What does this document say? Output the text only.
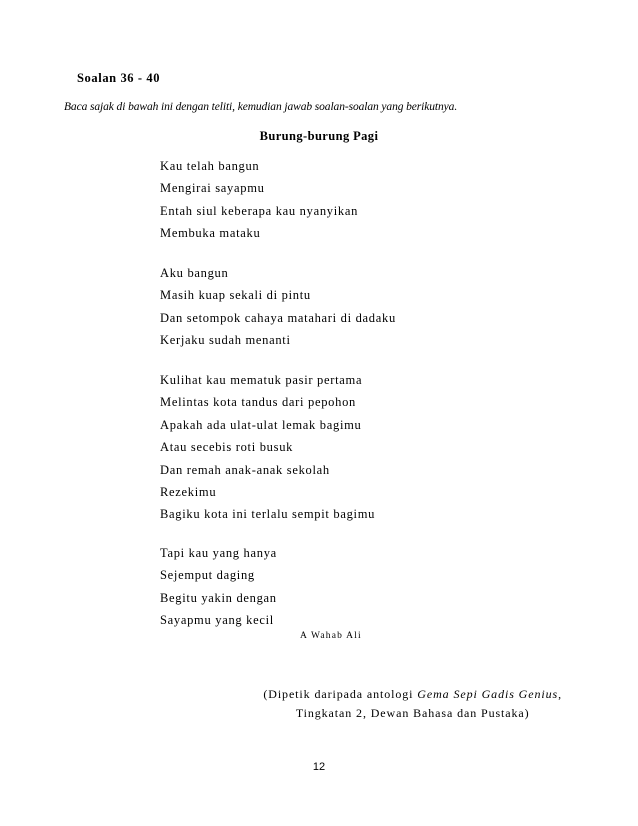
Soalan 36 - 40
Baca sajak di bawah ini dengan teliti, kemudian jawab soalan-soalan yang berikutnya.
Burung-burung Pagi
Kau telah bangun
Mengirai sayapmu
Entah siul keberapa kau nyanyikan
Membuka mataku
Aku bangun
Masih kuap sekali di pintu
Dan setompok cahaya matahari di dadaku
Kerjaku sudah menanti
Kulihat kau mematuk pasir pertama
Melintas kota tandus dari pepohon
Apakah ada ulat-ulat lemak bagimu
Atau secebis roti busuk
Dan remah anak-anak sekolah
Rezekimu
Bagiku kota ini terlalu sempit bagimu
Tapi kau yang hanya
Sejemput daging
Begitu yakin dengan
Sayapmu yang kecil
A Wahab Ali
(Dipetik daripada antologi Gema Sepi Gadis Genius,
Tingkatan 2, Dewan Bahasa dan Pustaka)
12
